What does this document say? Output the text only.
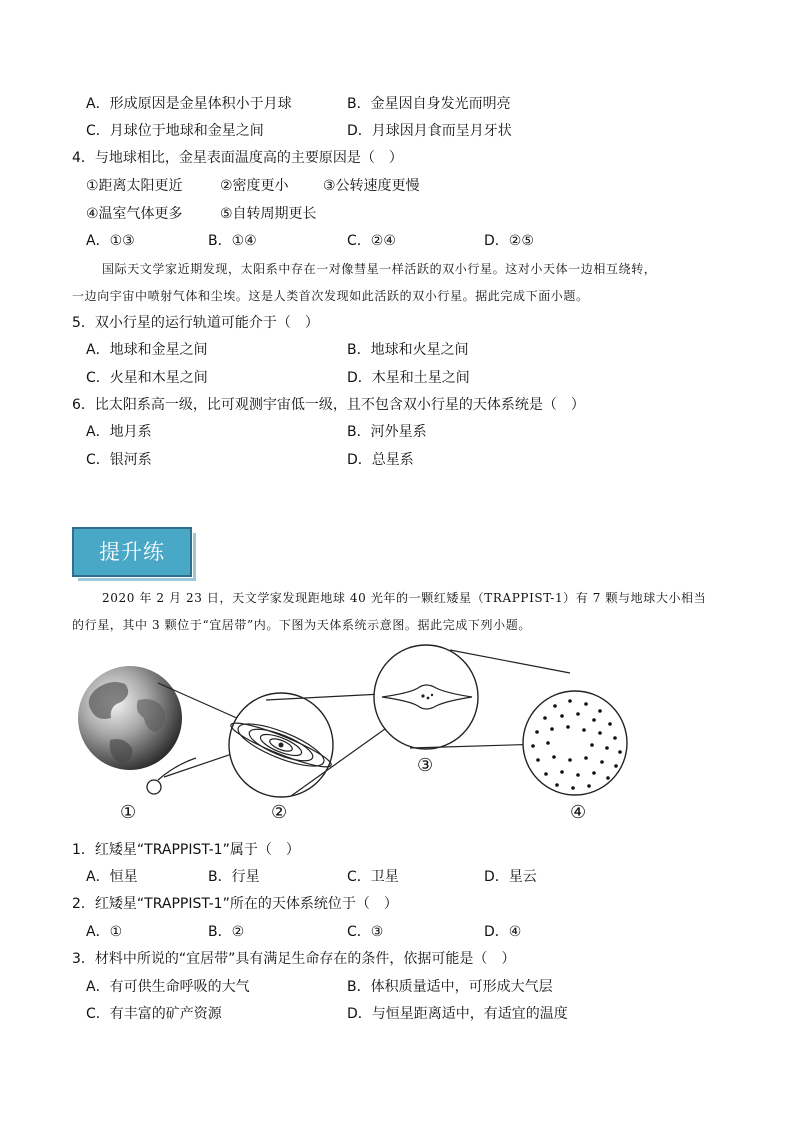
A．形成原因是金星体积小于月球	B．金星因自身发光而明亮
C．月球位于地球和金星之间	D．月球因月食而呈月牙状
4．与地球相比，金星表面温度高的主要原因是（　）
①距离太阳更近	②密度更小 ③公转速度更慢
④温室气体更多	⑤自转周期更长
A．①③	B．①④	C．②④	D．②⑤
国际天文学家近期发现，太阳系中存在一对像彗星一样活跃的双小行星。这对小天体一边相互绕转，
一边向宇宙中喷射气体和尘埃。这是人类首次发现如此活跃的双小行星。据此完成下面小题。
5．双小行星的运行轨道可能介于（　）
A．地球和金星之间	B．地球和火星之间
C．火星和木星之间	D．木星和土星之间
6．比太阳系高一级，比可观测宇宙低一级，且不包含双小行星的天体系统是（　）
A．地月系	B．河外星系
C．银河系	D．总星系
提升练
2020 年 2 月 23 日，天文学家发现距地球 40 光年的一颗红矮星（TRAPPIST-1）有 7 颗与地球大小相当
的行星，其中 3 颗位于“宜居带”内。下图为天体系统示意图。据此完成下列小题。
①	②
③
④
1．红矮星“TRAPPIST-1”属于（　）
A．恒星	B．行星	C．卫星	D．星云
2．红矮星“TRAPPIST-1”所在的天体系统位于（　）
A．①	B．②	C．③	D．④
3．材料中所说的“宜居带”具有满足生命存在的条件，依据可能是（　）
A．有可供生命呼吸的大气	B．体积质量适中，可形成大气层
C．有丰富的矿产资源	D．与恒星距离适中，有适宜的温度
